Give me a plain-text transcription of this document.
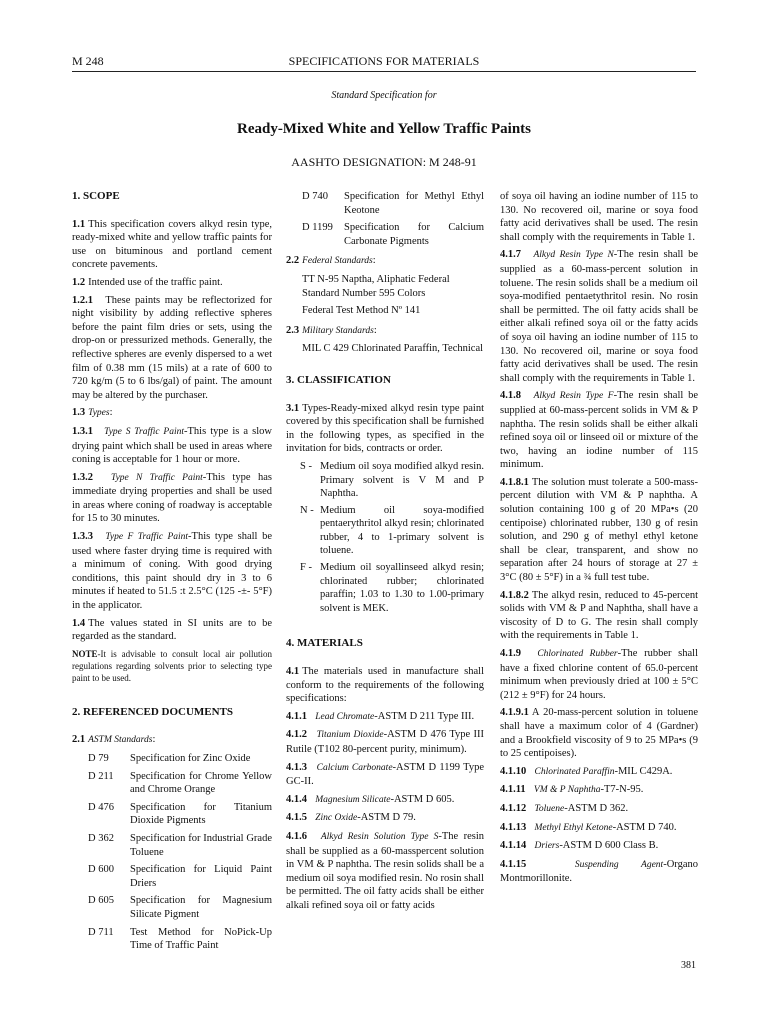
M 248	SPECIFICATIONS FOR MATERIALS
Standard Specification for
Ready-Mixed White and Yellow Traffic Paints
AASHTO DESIGNATION: M 248-91

1. SCOPE

1.1 This specification covers alkyd resin type, ready-mixed white and yellow traffic paints for use on bituminous and portland cement concrete pavements.

1.2 Intended use of the traffic paint.

1.2.1 These paints may be reflectorized for night visibility by adding reflective spheres before the paint film dries or sets, using the drop-on or pressurized methods. Generally, the reflective spheres are evenly dispersed to a wet film of 0.38 mm (15 mils) at a rate of 600 to 720 kg/m (5 to 6 lbs/gal) of paint. The amount may be altered by the purchaser.

1.3 Types:

1.3.1 Type S Traffic Paint-This type is a slow drying paint which shall be used in areas where coning is acceptable for 1 hour or more.

1.3.2 Type N Traffic Paint-This type has immediate drying properties and shall be used in areas where coning of roadway is acceptable for 15 to 30 minutes.

1.3.3 Type F Traffic Paint-This type shall be used where faster drying time is required with a minimum of coning. With good drying conditions, this paint should dry in 3 to 6 minutes if heated to 51.5 :t 2.5°C (125 -±- 5°F) in the applicator.

1.4 The values stated in SI units are to be regarded as the standard.

NOTE-It is advisable to consult local air pollution regulations regarding solvents prior to selecting type paint to be used.

2. REFERENCED DOCUMENTS

2.1 ASTM Standards:

D 79	Specification for Zinc Oxide
D 211	Specification for Chrome Yellow and Chrome Orange
D 476	Specification for Titanium Dioxide Pigments
D 362	Specification for Industrial Grade Toluene
D 600	Specification for Liquid Paint Driers
D 605	Specification for Magnesium Silicate Pigment
D 711	Test Method for NoPick-Up Time of Traffic Paint
D 740	Specification for Methyl Ethyl Keotone
D 1199	Specification for Calcium Carbonate Pigments

2.2 Federal Standards:

TT N-95 Naptha, Aliphatic Federal Standard Number 595 Colors
Federal Test Method Nº 141

2.3 Military Standards:

MIL C 429 Chlorinated Paraffin, Technical

3. CLASSIFICATION

3.1 Types-Ready-mixed alkyd resin type paint covered by this specification shall be furnished in the following types, as specified in the invitation for bids, contracts or order.

S - Medium oil soya modified alkyd resin. Primary solvent is V M and P Naphtha.
N - Medium oil soya-modified pentaerythritol alkyd resin; chlorinated rubber, 4 to 1-primary solvent is toluene.
F - Medium oil soyallinseed alkyd resin; chlorinated rubber; chlorinated paraffin; 1.03 to 1.30 to 1.00-primary solvent is MEK.

4. MATERIALS

4.1 The materials used in manufacture shall conform to the requirements of the following specifications:

4.1.1 Lead Chromate-ASTM D 211 Type III.

4.1.2 Titanium Dioxide-ASTM D 476 Type III Rutile (T102 80-percent purity, minimum).

4.1.3 Calcium Carbonate-ASTM D 1199 Type GC-II.

4.1.4 Magnesium Silicate-ASTM D 605.

4.1.5 Zinc Oxide-ASTM D 79.

4.1.6 Alkyd Resin Solution Type S-The resin shall be supplied as a 60-masspercent solution in VM & P naphtha. The resin solids shall be a medium oil soya modified resin. No rosin shall be permitted. The oil fatty acids shall be either alkali refined soya oil or fatty acids

of soya oil having an iodine number of 115 to 130. No recovered oil, marine or soya food fatty acid derivatives shall be used. The resin shall comply with the requirements in Table 1.

4.1.7 Alkyd Resin Type N-The resin shall be supplied as a 60-mass-percent solution in toluene. The resin solids shall be a medium oil soya-modified pentaetythritol resin. No rosin shall be permitted. The oil fatty acids shall be either alkali refined soya oil or the fatty acids of soya oil having an iodine number of 115 to 130. No recovered oil, marine or soya food fatty acid derivatives shall be used. The resin shall comply with the requirements in Table 1.

4.1.8 Alkyd Resin Type F-The resin shall be supplied at 60-mass-percent solids in VM & P naphtha. The resin solids shall be either alkali refined soya oil or linseed oil or mixture of the two, having an iodine number of 115 minimum.

4.1.8.1 The solution must tolerate a 500-mass-percent dilution with VM & P naphtha. A solution containing 100 g of 20 MPa•s (20 centipoise) chlorinated rubber, 130 g of resin solution, and 290 g of methyl ethyl ketone shall be clear, transparent, and show no separation after 24 hours of storage at 27 ± 3°C (80 ± 5°F) in a ¾ full test tube.

4.1.8.2 The alkyd resin, reduced to 45-percent solids with VM & P and Naphtha, shall have a viscosity of D to G. The resin shall comply with the requirements in Table 1.

4.1.9 Chlorinated Rubber-The rubber shall have a fixed chlorine content of 65.0-percent minimum when previously dried at 100 ± 5°C (212 ± 9°F) for 24 hours.

4.1.9.1 A 20-mass-percent solution in toluene shall have a maximum color of 4 (Gardner) and a Brookfield viscosity of 9 to 25 MPa•s (9 to 25 centipoises).

4.1.10 Chlorinated Paraffin-MIL C429A.

4.1.11 VM & P Naphtha-T7-N-95.

4.1.12 Toluene-ASTM D 362.

4.1.13 Methyl Ethyl Ketone-ASTM D 740.

4.1.14 Driers-ASTM D 600 Class B.

4.1.15	Suspending Agent-Organo Montmorillonite.

381
